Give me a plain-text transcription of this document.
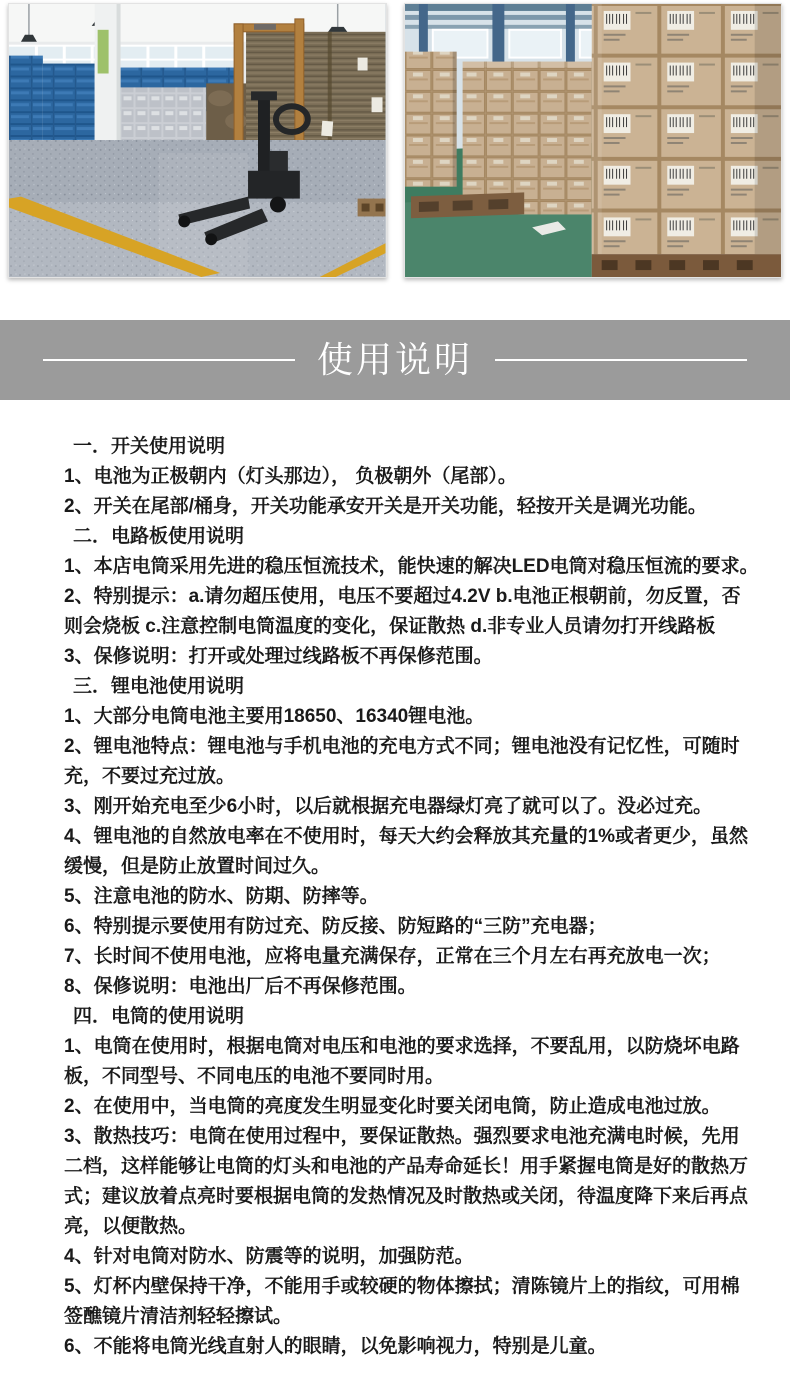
使用说明
一．开关使用说明
1、电池为正极朝内（灯头那边）， 负极朝外（尾部）。
2、开关在尾部/桶身，开关功能承安开关是开关功能，轻按开关是调光功能。
二．电路板使用说明
1、本店电筒采用先进的稳压恒流技术，能快速的解决LED电筒对稳压恒流的要求。
2、特别提示：a.请勿超压使用，电压不要超过4.2V b.电池正根朝前，勿反置，否
则会烧板 c.注意控制电筒温度的变化，保证散热 d.非专业人员请勿打开线路板
3、保修说明：打开或处理过线路板不再保修范围。
三．锂电池使用说明
1、大部分电筒电池主要用18650、16340锂电池。
2、锂电池特点：锂电池与手机电池的充电方式不同；锂电池没有记忆性，可随时
充，不要过充过放。
3、刚开始充电至少6小时，以后就根据充电器绿灯亮了就可以了。没必过充。
4、锂电池的自然放电率在不使用时，每天大约会释放其充量的1%或者更少，虽然
缓慢，但是防止放置时间过久。
5、注意电池的防水、防期、防摔等。
6、特别提示要使用有防过充、防反接、防短路的“三防”充电器；
7、长时间不使用电池，应将电量充满保存，正常在三个月左右再充放电一次；
8、保修说明：电池出厂后不再保修范围。
四．电筒的使用说明
1、电筒在使用时，根据电筒对电压和电池的要求选择，不要乱用，以防烧坏电路
板，不同型号、不同电压的电池不要同时用。
2、在使用中，当电筒的亮度发生明显变化时要关闭电筒，防止造成电池过放。
3、散热技巧：电筒在使用过程中，要保证散热。强烈要求电池充满电时候，先用
二档，这样能够让电筒的灯头和电池的产品寿命延长！用手紧握电筒是好的散热万
式；建议放着点亮时要根据电筒的发热情况及时散热或关闭，待温度降下来后再点
亮，以便散热。
4、针对电筒对防水、防震等的说明，加强防范。
5、灯杯内壁保持干净，不能用手或较硬的物体擦拭；清陈镜片上的指纹，可用棉
签醮镜片清洁剂轻轻擦试。
6、不能将电筒光线直射人的眼睛，以免影响视力，特别是儿童。
